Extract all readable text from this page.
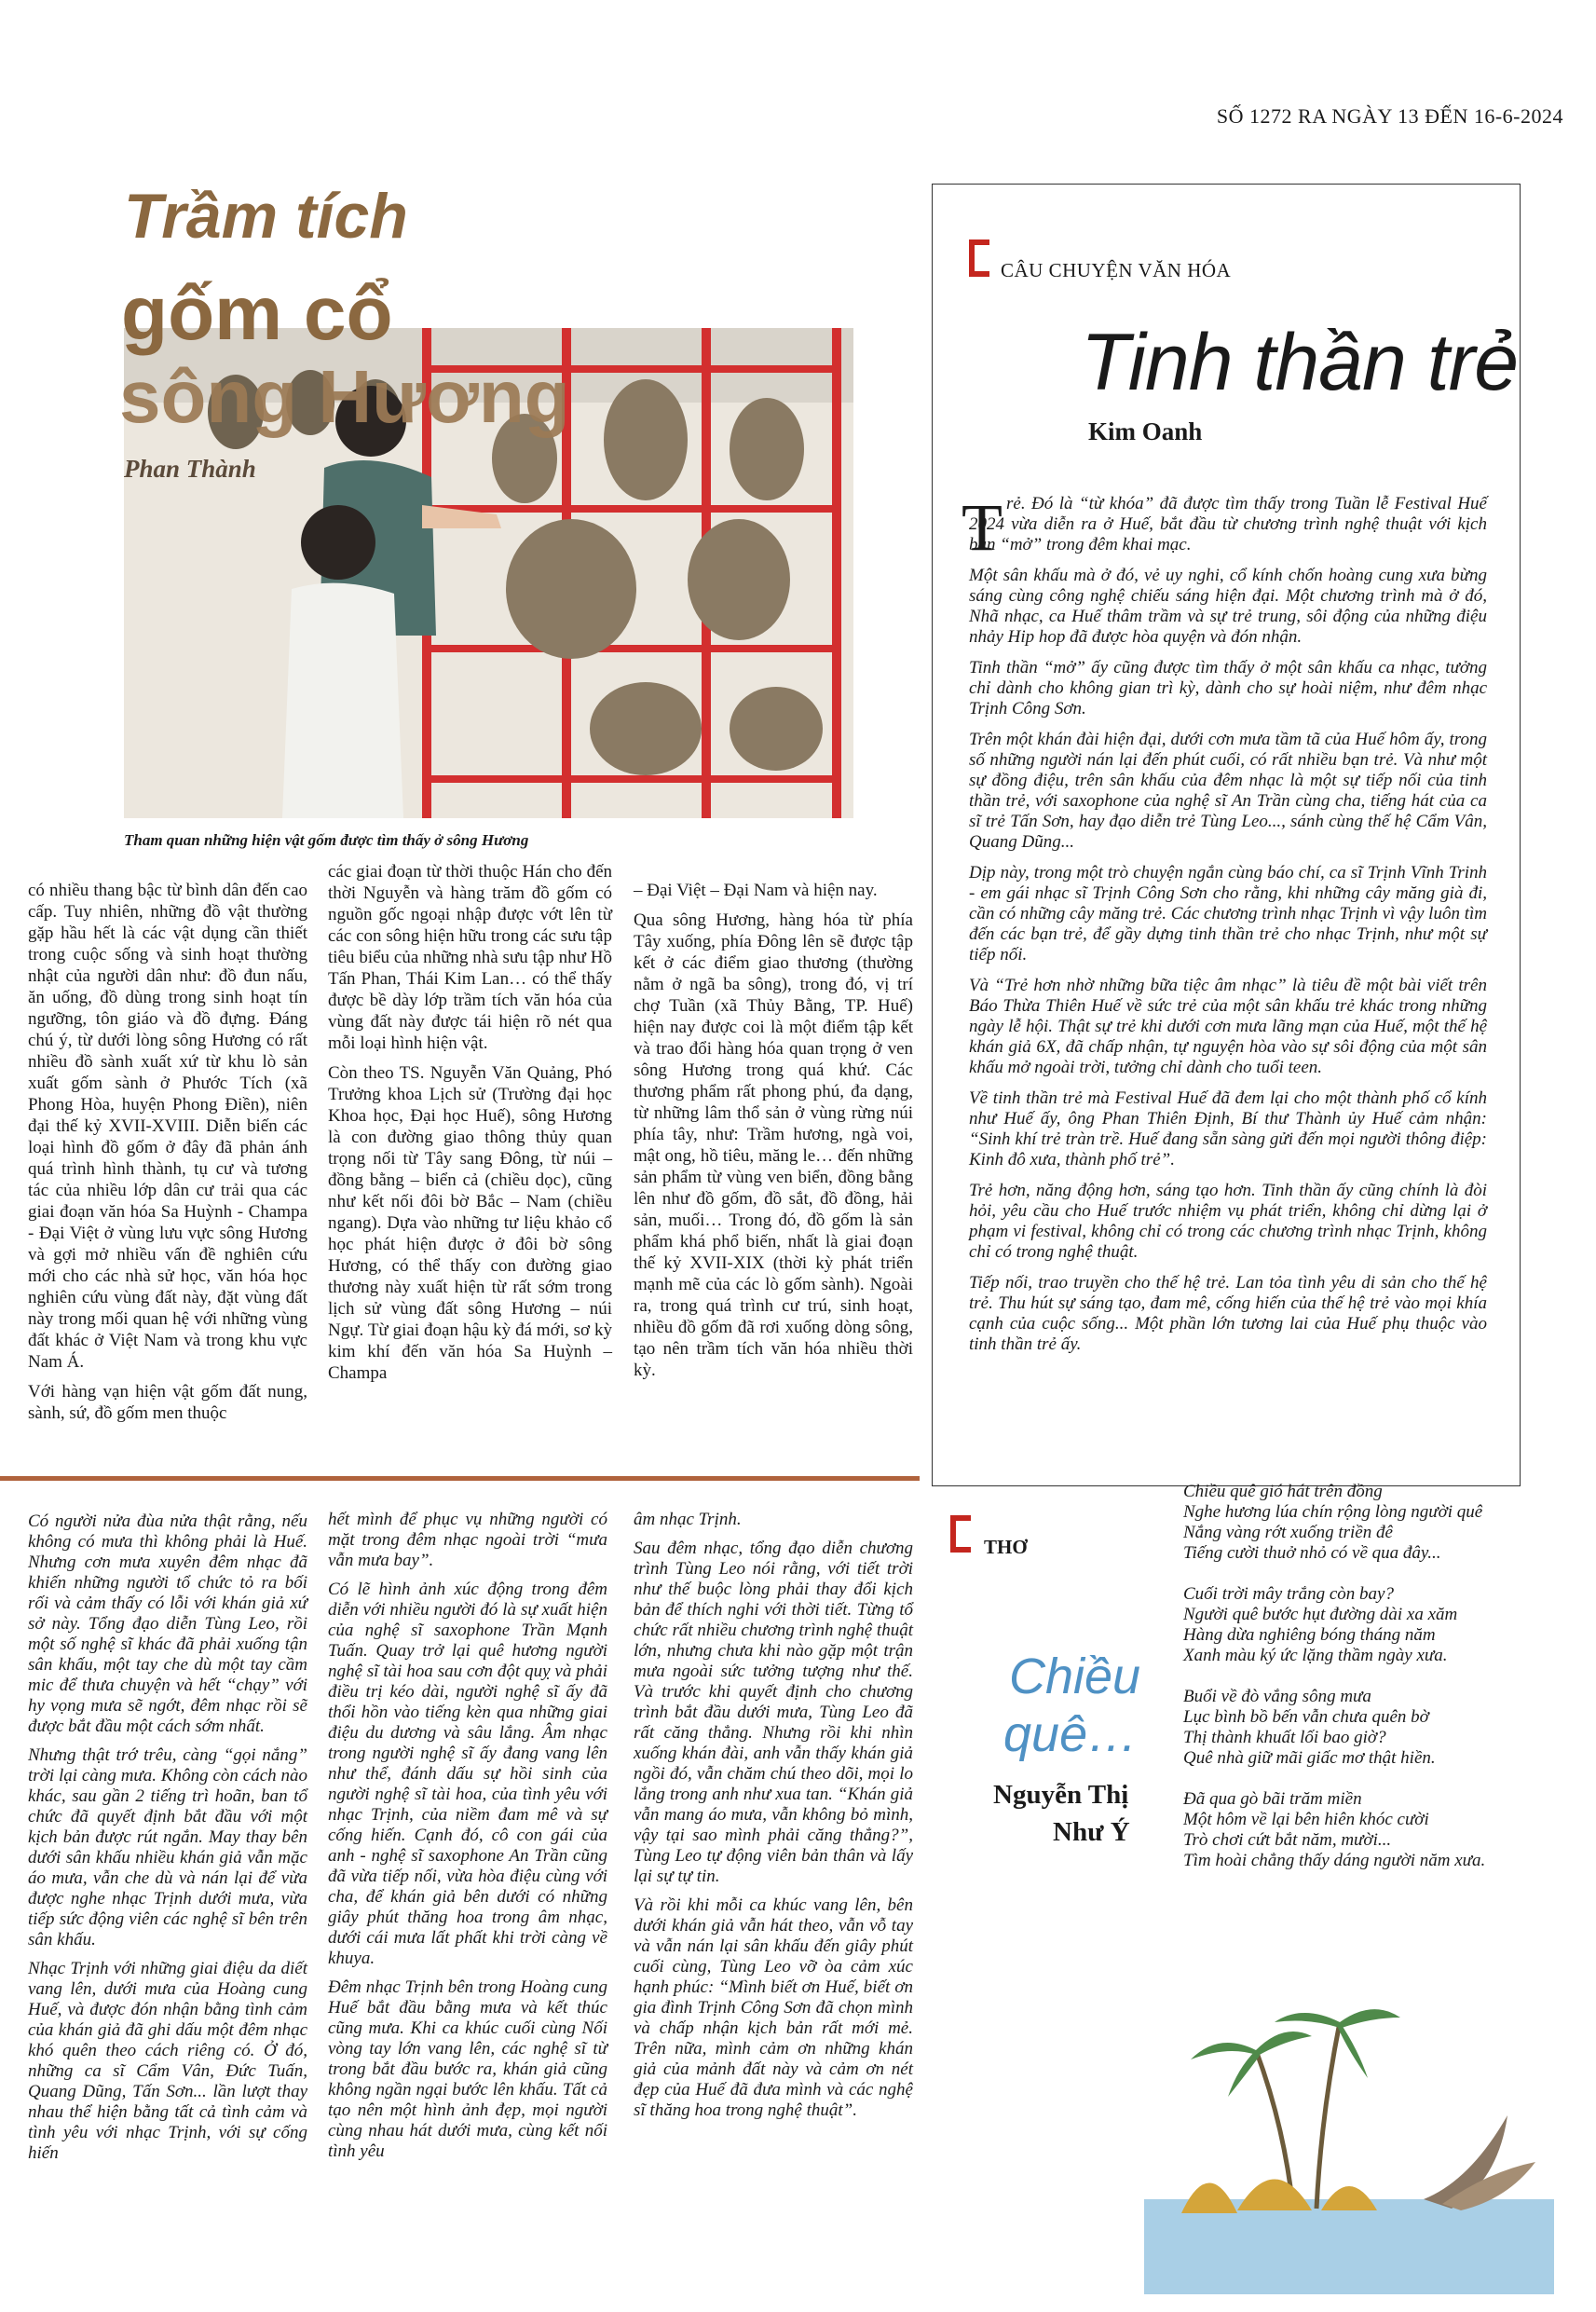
SỐ 1272 RA NGÀY 13 ĐẾN 16-6-2024
Trầm tích
gốm cổ
sông Hương
Phan Thành
Tham quan những hiện vật gốm được tìm thấy ở sông Hương

có nhiều thang bậc từ bình dân đến cao cấp. Tuy nhiên, những đồ vật thường gặp hầu hết là các vật dụng cần thiết trong cuộc sống và sinh hoạt thường nhật của người dân như: đồ đun nấu, ăn uống, đồ dùng trong sinh hoạt tín ngưỡng, tôn giáo và đồ đựng. Đáng chú ý, từ dưới lòng sông Hương có rất nhiều đồ sành xuất xứ từ khu lò sản xuất gốm sành ở Phước Tích (xã Phong Hòa, huyện Phong Điền), niên đại thế kỷ XVII-XVIII. Diễn biến các loại hình đồ gốm ở đây đã phản ánh quá trình hình thành, tụ cư và tương tác của nhiều lớp dân cư trải qua các giai đoạn văn hóa Sa Huỳnh - Champa - Đại Việt ở vùng lưu vực sông Hương và gợi mở nhiều vấn đề nghiên cứu mới cho các nhà sử học, văn hóa học nghiên cứu vùng đất này, đặt vùng đất này trong mối quan hệ với những vùng đất khác ở Việt Nam và trong khu vực Nam Á.

Với hàng vạn hiện vật gốm đất nung, sành, sứ, đồ gốm men thuộc

các giai đoạn từ thời thuộc Hán cho đến thời Nguyễn và hàng trăm đồ gốm có nguồn gốc ngoại nhập được vớt lên từ các con sông hiện hữu trong các sưu tập tiêu biểu của những nhà sưu tập như Hồ Tấn Phan, Thái Kim Lan… có thể thấy được bề dày lớp trầm tích văn hóa của vùng đất này được tái hiện rõ nét qua mỗi loại hình hiện vật.

Còn theo TS. Nguyễn Văn Quảng, Phó Trưởng khoa Lịch sử (Trường đại học Khoa học, Đại học Huế), sông Hương là con đường giao thông thủy quan trọng nối từ Tây sang Đông, từ núi – đồng bằng – biển cả (chiều dọc), cũng như kết nối đôi bờ Bắc – Nam (chiều ngang). Dựa vào những tư liệu khảo cổ học phát hiện được ở đôi bờ sông Hương, có thể thấy con đường giao thương này xuất hiện từ rất sớm trong lịch sử vùng đất sông Hương – núi Ngự. Từ giai đoạn hậu kỳ đá mới, sơ kỳ kim khí đến văn hóa Sa Huỳnh – Champa

– Đại Việt – Đại Nam và hiện nay.

Qua sông Hương, hàng hóa từ phía Tây xuống, phía Đông lên sẽ được tập kết ở các điểm giao thương (thường nằm ở ngã ba sông), trong đó, vị trí chợ Tuần (xã Thủy Bằng, TP. Huế) hiện nay được coi là một điểm tập kết và trao đổi hàng hóa quan trọng ở ven sông Hương trong quá khứ. Các thương phẩm rất phong phú, đa dạng, từ những lâm thổ sản ở vùng rừng núi phía tây, như: Trầm hương, ngà voi, mật ong, hồ tiêu, măng le… đến những sản phẩm từ vùng ven biển, đồng bằng lên như đồ gốm, đồ sắt, đồ đồng, hải sản, muối… Trong đó, đồ gốm là sản phẩm khá phổ biến, nhất là giai đoạn thế kỷ XVII-XIX (thời kỳ phát triển mạnh mẽ của các lò gốm sành). Ngoài ra, trong quá trình cư trú, sinh hoạt, nhiều đồ gốm đã rơi xuống dòng sông, tạo nên trầm tích văn hóa nhiều thời kỳ.

CÂU CHUYỆN VĂN HÓA
Tinh thần trẻ
Kim Oanh
T rẻ. Đó là “từ khóa” đã được tìm thấy trong Tuần lễ Festival Huế 2024 vừa diễn ra ở Huế, bắt đầu từ chương trình nghệ thuật với kịch bản “mở” trong đêm khai mạc.

Một sân khấu mà ở đó, vẻ uy nghi, cổ kính chốn hoàng cung xưa bừng sáng cùng công nghệ chiếu sáng hiện đại. Một chương trình mà ở đó, Nhã nhạc, ca Huế thâm trầm và sự trẻ trung, sôi động của những điệu nhảy Hip hop đã được hòa quyện và đón nhận.

Tinh thần “mở” ấy cũng được tìm thấy ở một sân khấu ca nhạc, tưởng chỉ dành cho không gian trì kỳ, dành cho sự hoài niệm, như đêm nhạc Trịnh Công Sơn.

Trên một khán đài hiện đại, dưới cơn mưa tầm tã của Huế hôm ấy, trong số những người nán lại đến phút cuối, có rất nhiều bạn trẻ. Và như một sự đồng điệu, trên sân khấu của đêm nhạc là một sự tiếp nối của tinh thần trẻ, với saxophone của nghệ sĩ An Trần cùng cha, tiếng hát của ca sĩ trẻ Tấn Sơn, hay đạo diễn trẻ Tùng Leo..., sánh cùng thế hệ Cẩm Vân, Quang Dũng...

Dịp này, trong một trò chuyện ngắn cùng báo chí, ca sĩ Trịnh Vĩnh Trinh - em gái nhạc sĩ Trịnh Công Sơn cho rằng, khi những cây măng già đi, cần có những cây măng trẻ. Các chương trình nhạc Trịnh vì vậy luôn tìm đến các bạn trẻ, để gầy dựng tinh thần trẻ cho nhạc Trịnh, như một sự tiếp nối.

Và “Trẻ hơn nhờ những bữa tiệc âm nhạc” là tiêu đề một bài viết trên Báo Thừa Thiên Huế về sức trẻ của một sân khấu trẻ khác trong những ngày lễ hội. Thật sự trẻ khi dưới cơn mưa lãng mạn của Huế, một thế hệ khán giả 6X, đã chấp nhận, tự nguyện hòa vào sự sôi động của một sân khấu mở ngoài trời, tưởng chỉ dành cho tuổi teen.

Về tinh thần trẻ mà Festival Huế đã đem lại cho một thành phố cổ kính như Huế ấy, ông Phan Thiên Định, Bí thư Thành ủy Huế cảm nhận: “Sinh khí trẻ tràn trề. Huế đang sẵn sàng gửi đến mọi người thông điệp: Kinh đô xưa, thành phố trẻ”.

Trẻ hơn, năng động hơn, sáng tạo hơn. Tinh thần ấy cũng chính là đòi hỏi, yêu cầu cho Huế trước nhiệm vụ phát triển, không chỉ dừng lại ở phạm vi festival, không chỉ có trong các chương trình nhạc Trịnh, không chỉ có trong nghệ thuật.

Tiếp nối, trao truyền cho thế hệ trẻ. Lan tỏa tình yêu di sản cho thế hệ trẻ. Thu hút sự sáng tạo, đam mê, cống hiến của thế hệ trẻ vào mọi khía cạnh của cuộc sống... Một phần lớn tương lai của Huế phụ thuộc vào tinh thần trẻ ấy.

Có người nửa đùa nửa thật rằng, nếu không có mưa thì không phải là Huế. Nhưng cơn mưa xuyên đêm nhạc đã khiến những người tổ chức tỏ ra bối rối và cảm thấy có lỗi với khán giả xứ sở này. Tổng đạo diễn Tùng Leo, rồi một số nghệ sĩ khác đã phải xuống tận sân khấu, một tay che dù một tay cầm mic để thưa chuyện và hết “chạy” với hy vọng mưa sẽ ngớt, đêm nhạc rồi sẽ được bắt đầu một cách sớm nhất.

Nhưng thật trớ trêu, càng “gọi nắng” trời lại càng mưa. Không còn cách nào khác, sau gần 2 tiếng trì hoãn, ban tổ chức đã quyết định bắt đầu với một kịch bản được rút ngắn. May thay bên dưới sân khấu nhiều khán giả vẫn mặc áo mưa, vẫn che dù và nán lại để vừa được nghe nhạc Trịnh dưới mưa, vừa tiếp sức động viên các nghệ sĩ bên trên sân khấu.

Nhạc Trịnh với những giai điệu da diết vang lên, dưới mưa của Hoàng cung Huế, và được đón nhận bằng tình cảm của khán giả đã ghi dấu một đêm nhạc khó quên theo cách riêng có. Ở đó, những ca sĩ Cẩm Vân, Đức Tuấn, Quang Dũng, Tấn Sơn... lần lượt thay nhau thể hiện bằng tất cả tình cảm và tình yêu với nhạc Trịnh, với sự cống hiến

hết mình để phục vụ những người có mặt trong đêm nhạc ngoài trời “mưa vẫn mưa bay”.

Có lẽ hình ảnh xúc động trong đêm diễn với nhiều người đó là sự xuất hiện của nghệ sĩ saxophone Trần Mạnh Tuấn. Quay trở lại quê hương người nghệ sĩ tài hoa sau cơn đột quỵ và phải điều trị kéo dài, người nghệ sĩ ấy đã thổi hồn vào tiếng kèn qua những giai điệu du dương và sâu lắng. Âm nhạc trong người nghệ sĩ ấy đang vang lên như thể, đánh dấu sự hồi sinh của người nghệ sĩ tài hoa, của tình yêu với nhạc Trịnh, của niềm đam mê và sự cống hiến. Cạnh đó, cô con gái của anh - nghệ sĩ saxophone An Trần cũng đã vừa tiếp nối, vừa hòa điệu cùng với cha, để khán giả bên dưới có những giây phút thăng hoa trong âm nhạc, dưới cái mưa lất phất khi trời càng về khuya.

Đêm nhạc Trịnh bên trong Hoàng cung Huế bắt đầu bằng mưa và kết thúc cũng mưa. Khi ca khúc cuối cùng Nối vòng tay lớn vang lên, các nghệ sĩ từ trong bắt đầu bước ra, khán giả cũng không ngần ngại bước lên khấu. Tất cả tạo nên một hình ảnh đẹp, mọi người cùng nhau hát dưới mưa, cùng kết nối tình yêu

âm nhạc Trịnh.

Sau đêm nhạc, tổng đạo diễn chương trình Tùng Leo nói rằng, với tiết trời như thế buộc lòng phải thay đổi kịch bản để thích nghi với thời tiết. Từng tổ chức rất nhiều chương trình nghệ thuật lớn, nhưng chưa khi nào gặp một trận mưa ngoài sức tưởng tượng như thế. Và trước khi quyết định cho chương trình bắt đầu dưới mưa, Tùng Leo đã rất căng thẳng. Nhưng rồi khi nhìn xuống khán đài, anh vẫn thấy khán giả ngồi đó, vẫn chăm chú theo dõi, mọi lo lắng trong anh như xua tan. “Khán giả vẫn mang áo mưa, vẫn không bỏ mình, vậy tại sao mình phải căng thẳng?”, Tùng Leo tự động viên bản thân và lấy lại sự tự tin.

Và rồi khi mỗi ca khúc vang lên, bên dưới khán giả vẫn hát theo, vẫn vỗ tay và vẫn nán lại sân khấu đến giây phút cuối cùng, Tùng Leo vỡ òa cảm xúc hạnh phúc: “Mình biết ơn Huế, biết ơn gia đình Trịnh Công Sơn đã chọn mình và chấp nhận kịch bản rất mới mẻ. Trên nữa, mình cảm ơn những khán giả của mảnh đất này và cảm ơn nét đẹp của Huế đã đưa mình và các nghệ sĩ thăng hoa trong nghệ thuật”.

THƠ
Chiều
quê…
Nguyễn Thị
Như Ý
Chiều quê gió hát trên đồng
Nghe hương lúa chín rộng lòng người quê
Nắng vàng rớt xuống triền đê
Tiếng cười thuở nhỏ có về qua đây...
Cuối trời mây trắng còn bay?
Người quê bước hụt đường dài xa xăm
Hàng dừa nghiêng bóng tháng năm
Xanh màu ký ức lặng thầm ngày xưa.
Buổi về đò vắng sông mưa
Lục bình bồ bến vẫn chưa quên bờ
Thị thành khuất lối bao giờ?
Quê nhà giữ mãi giấc mơ thật hiền.
Đã qua gò bãi trăm miền
Một hôm về lại bên hiên khóc cười
Trò chơi cứt bắt năm, mười...
Tìm hoài chẳng thấy dáng người năm xưa.
